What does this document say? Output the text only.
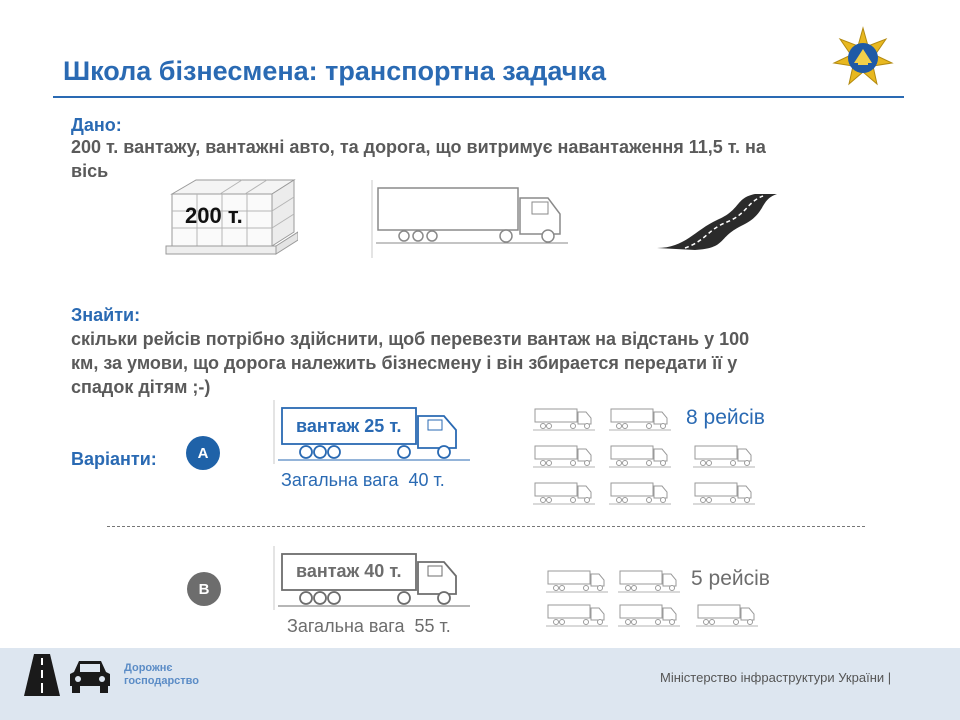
Школа бізнесмена: транспортна задачка
Дано:
200 т. вантажу, вантажні авто, та дорога, що витримує навантаження 11,5 т. на
вісь
200 т.
Знайти:
скільки рейсів потрібно здійснити, щоб перевезти вантаж на відстань у 100
км, за умови, що дорога належить бізнесмену і він збирается передати її у
спадок дітям ;-)
Варіанти:	A
вантаж 25 т.
Загальна вага  40 т.
8 рейсів
B
вантаж 40 т.
Загальна вага  55 т.
5 рейсів
Дорожнє
господарство	Міністерство інфраструктури України |
